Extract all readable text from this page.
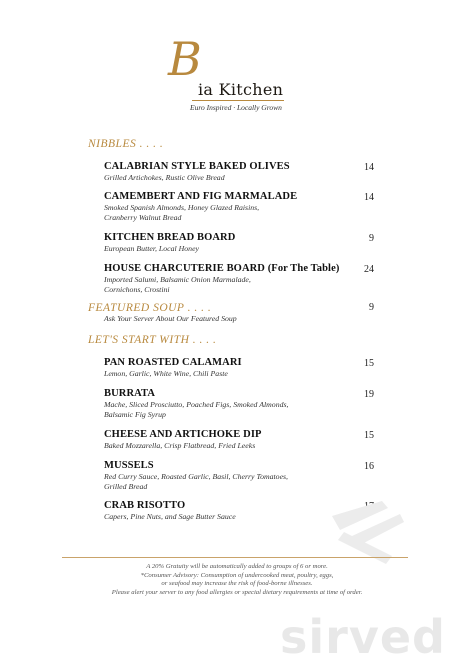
B
ia Kitchen
Euro Inspired · Locally Grown
NIBBLES . . . .
CALABRIAN STYLE BAKED OLIVES
Grilled Artichokes, Rustic Olive Bread
14
CAMEMBERT AND FIG MARMALADE
Smoked Spanish Almonds, Honey Glazed Raisins,
Cranberry Walnut Bread
14
KITCHEN BREAD BOARD
European Butter, Local Honey
9
HOUSE CHARCUTERIE BOARD (For The Table)
Imported Salumi, Balsamic Onion Marmalade,
Cornichons, Crostini
24
FEATURED SOUP . . . .
Ask Your Server About Our Featured Soup
9
LET'S START WITH . . . .
PAN ROASTED CALAMARI
Lemon, Garlic, White Wine, Chili Paste
15
BURRATA
Mache, Sliced Prosciutto, Poached Figs, Smoked Almonds,
Balsamic Fig Syrup
19
CHEESE AND ARTICHOKE DIP
Baked Mozzarella, Crisp Flatbread, Fried Leeks
15
MUSSELS
Red Curry Sauce, Roasted Garlic, Basil, Cherry Tomatoes,
Grilled Bread
16
CRAB RISOTTO
Capers, Pine Nuts, and Sage Butter Sauce
A 20% Gratuity will be automatically added to groups of 6 or more.
*Consumer Advisory: Consumption of undercooked meat, poultry, eggs,
or seafood may increase the risk of food-borne illnesses.
Please alert your server to any food allergies or special dietary requirements at time of order.
sirved
